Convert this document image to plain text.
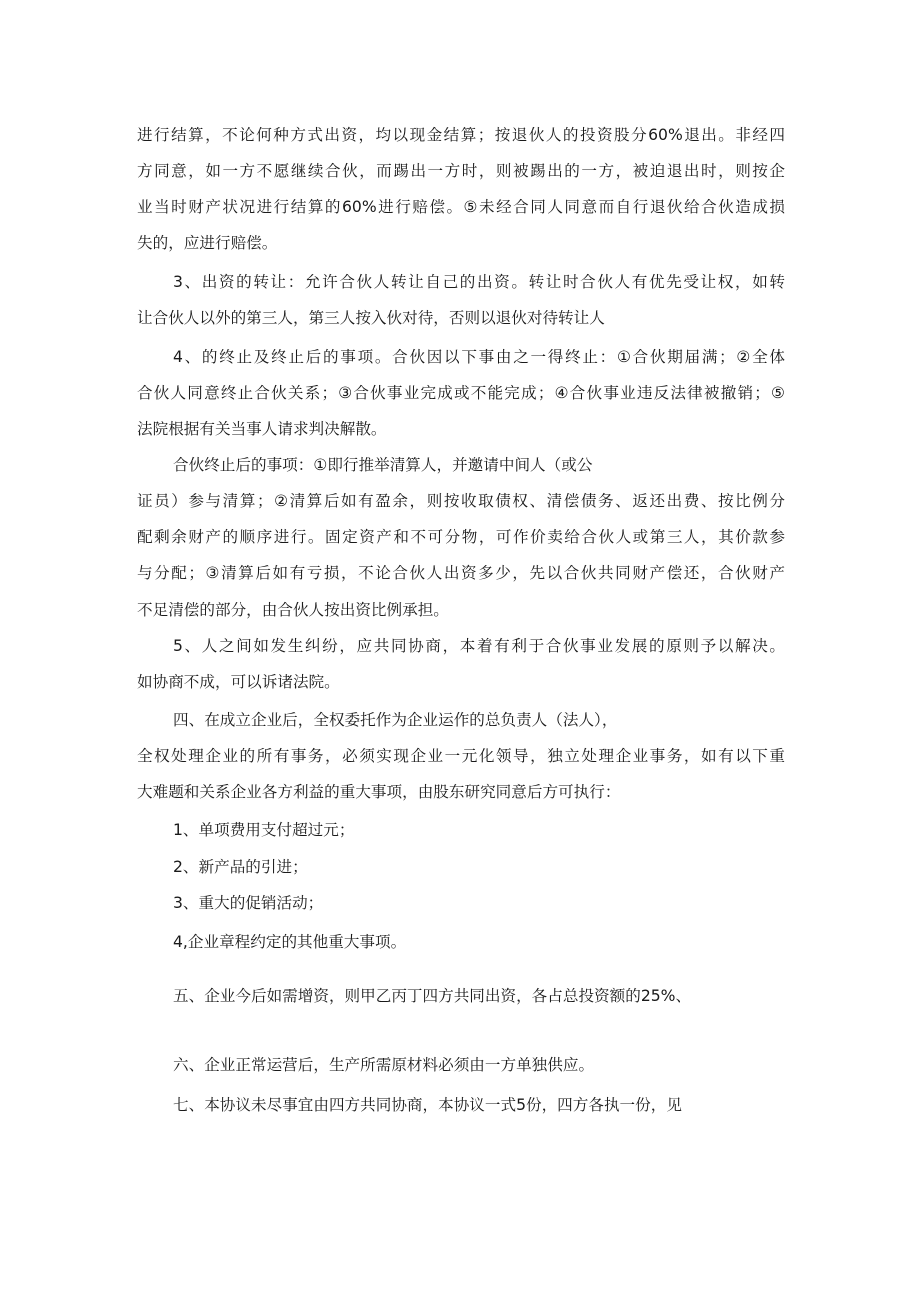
进行结算，不论何种方式出资，均以现金结算；按退伙人的投资股分60%退出。非经四
方同意，如一方不愿继续合伙，而踢出一方时，则被踢出的一方，被迫退出时，则按企
业当时财产状况进行结算的60%进行赔偿。⑤未经合同人同意而自行退伙给合伙造成损
失的，应进行赔偿。
3、出资的转让：允许合伙人转让自己的出资。转让时合伙人有优先受让权，如转
让合伙人以外的第三人，第三人按入伙对待，否则以退伙对待转让人
4、的终止及终止后的事项。合伙因以下事由之一得终止：①合伙期届满；②全体
合伙人同意终止合伙关系；③合伙事业完成或不能完成；④合伙事业违反法律被撤销；⑤
法院根据有关当事人请求判决解散。
合伙终止后的事项：①即行推举清算人，并邀请中间人（或公
证员）参与清算；②清算后如有盈余，则按收取债权、清偿债务、返还出费、按比例分
配剩余财产的顺序进行。固定资产和不可分物，可作价卖给合伙人或第三人，其价款参
与分配；③清算后如有亏损，不论合伙人出资多少，先以合伙共同财产偿还，合伙财产
不足清偿的部分，由合伙人按出资比例承担。
5、人之间如发生纠纷，应共同协商，本着有利于合伙事业发展的原则予以解决。
如协商不成，可以诉诸法院。
四、在成立企业后，全权委托作为企业运作的总负责人（法人），
全权处理企业的所有事务，必须实现企业一元化领导，独立处理企业事务，如有以下重
大难题和关系企业各方利益的重大事项，由股东研究同意后方可执行：
1、单项费用支付超过元；
2、新产品的引进；
3、重大的促销活动；
4,企业章程约定的其他重大事项。
五、企业今后如需增资，则甲乙丙丁四方共同出资，各占总投资额的25%、
六、企业正常运营后，生产所需原材料必须由一方单独供应。
七、本协议未尽事宜由四方共同协商，本协议一式5份，四方各执一份，见
